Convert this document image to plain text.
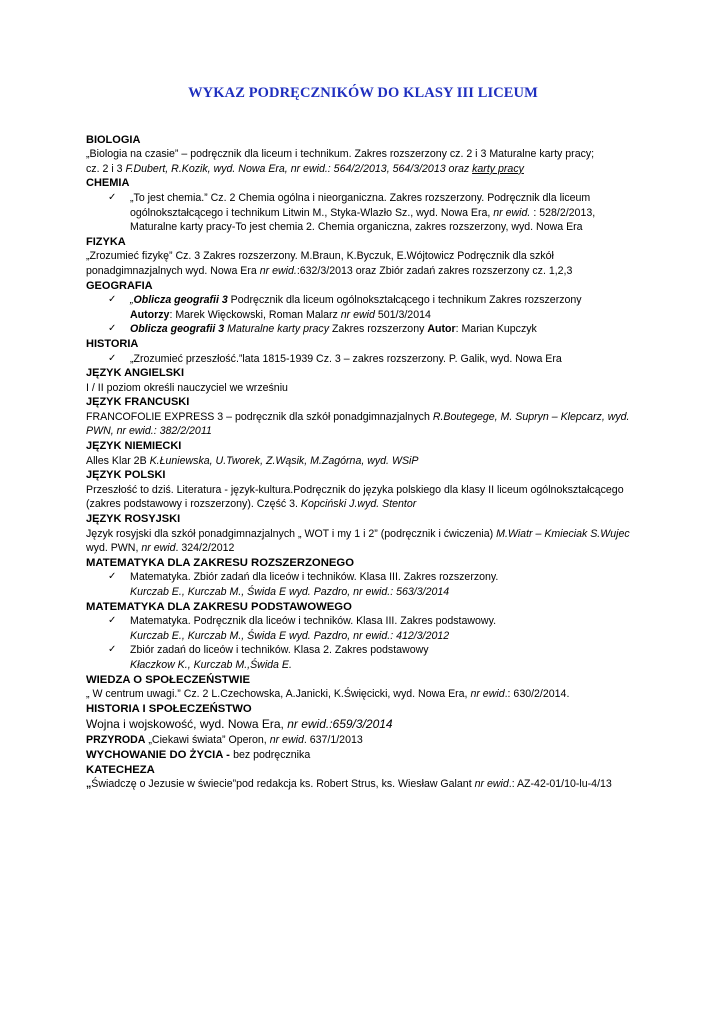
WYKAZ PODRĘCZNIKÓW DO KLASY III LICEUM

BIOLOGIA

„Biologia na czasie” – podręcznik dla liceum i technikum. Zakres rozszerzony cz. 2 i 3 Maturalne karty pracy;

cz. 2 i 3 F.Dubert, R.Kozik, wyd. Nowa Era, nr ewid.: 564/2/2013, 564/3/2013 oraz karty pracy

CHEMIA

✓ „To jest chemia.” Cz. 2 Chemia ogólna i nieorganiczna. Zakres rozszerzony. Podręcznik dla liceum ogólnokształcącego i technikum Litwin M., Styka-Wlazło Sz., wyd. Nowa Era, nr ewid. : 528/2/2013, Maturalne karty pracy-To jest chemia 2. Chemia organiczna, zakres rozszerzony, wyd. Nowa Era

FIZYKA

„Zrozumieć fizykę” Cz. 3 Zakres rozszerzony. M.Braun, K.Byczuk, E.Wójtowicz Podręcznik dla szkół ponadgimnazjalnych wyd. Nowa Era nr ewid.:632/3/2013 oraz Zbiór zadań zakres rozszerzony cz. 1,2,3

GEOGRAFIA

✓ „Oblicza geografii 3 Podręcznik dla liceum ogólnokształcącego i technikum Zakres rozszerzony
Autorzy: Marek Więckowski, Roman Malarz nr ewid 501/3/2014
✓ Oblicza geografii 3 Maturalne karty pracy Zakres rozszerzony Autor: Marian Kupczyk

HISTORIA

✓ „Zrozumieć przeszłość.”lata 1815-1939 Cz. 3 – zakres rozszerzony. P. Galik, wyd. Nowa Era

JĘZYK ANGIELSKI

I / II poziom określi nauczyciel we wrześniu

JĘZYK FRANCUSKI

FRANCOFOLIE EXPRESS 3 – podręcznik dla szkół ponadgimnazjalnych R.Boutegege, M. Supryn – Klepcarz, wyd. PWN, nr ewid.: 382/2/2011

JĘZYK NIEMIECKI

Alles Klar 2B K.Łuniewska, U.Tworek, Z.Wąsik, M.Zagórna, wyd. WSiP

JĘZYK POLSKI

Przeszłość to dziś. Literatura - język-kultura.Podręcznik do języka polskiego dla klasy II liceum ogólnokształcącego (zakres podstawowy i rozszerzony). Część 3. Kopciński J.wyd. Stentor

JĘZYK ROSYJSKI

Język rosyjski dla szkół ponadgimnazjalnych „ WOT i my 1 i 2” (podręcznik i ćwiczenia) M.Wiatr – Kmieciak S.Wujec wyd. PWN, nr ewid. 324/2/2012

MATEMATYKA DLA ZAKRESU ROZSZERZONEGO

✓ Matematyka. Zbiór zadań dla liceów i techników. Klasa III. Zakres rozszerzony.
Kurczab E., Kurczab M., Świda E wyd. Pazdro, nr ewid.: 563/3/2014

MATEMATYKA DLA ZAKRESU PODSTAWOWEGO

✓ Matematyka. Podręcznik dla liceów i techników. Klasa III. Zakres podstawowy.
Kurczab E., Kurczab M., Świda E wyd. Pazdro, nr ewid.: 412/3/2012
✓ Zbiór zadań do liceów i techników. Klasa 2. Zakres podstawowy
Kłaczkow K., Kurczab M.,Świda E.

WIEDZA O SPOŁECZEŃSTWIE

„ W centrum uwagi.” Cz. 2 L.Czechowska, A.Janicki, K.Święcicki, wyd. Nowa Era, nr ewid.: 630/2/2014.

HISTORIA I SPOŁECZEŃSTWO

Wojna i wojskowość, wyd. Nowa Era, nr ewid.:659/3/2014

PRZYRODA „Ciekawi świata” Operon, nr ewid. 637/1/2013

WYCHOWANIE DO ŻYCIA - bez podręcznika

KATECHEZA

„Świadczę o Jezusie w świecie”pod redakcja ks. Robert Strus, ks. Wiesław Galant nr ewid.: AZ-42-01/10-lu-4/13
